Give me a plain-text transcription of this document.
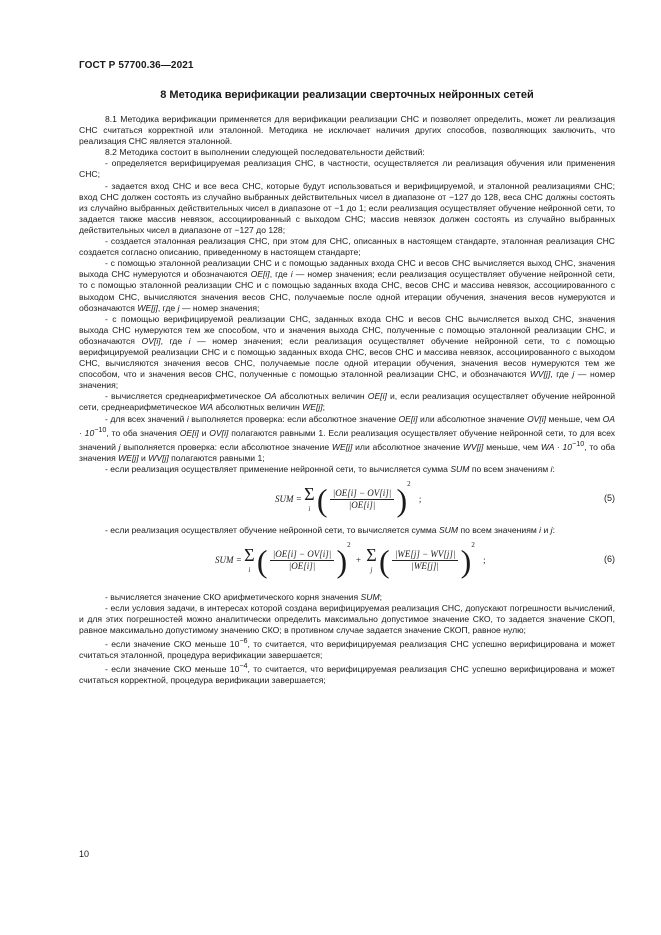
ГОСТ Р 57700.36—2021
8 Методика верификации реализации сверточных нейронных сетей

8.1 Методика верификации применяется для верификации реализации СНС и позволяет определить, может ли реализация СНС считаться корректной или эталонной. Методика не исключает наличия других способов, позволяющих заключить, что реализация СНС является эталонной.

8.2 Методика состоит в выполнении следующей последовательности действий:

- определяется верифицируемая реализация СНС, в частности, осуществляется ли реализация обучения или применения СНС;

- задается вход СНС и все веса СНС, которые будут использоваться и верифицируемой, и эталонной реализациями СНС; вход СНС должен состоять из случайно выбранных действительных чисел в диапазоне от −127 до 128, веса СНС должны состоять из случайно выбранных действительных чисел в диапазоне от −1 до 1; если реализация осуществляет обучение нейронной сети, то задается также массив невязок, ассоциированный с выходом СНС; массив невязок должен состоять из случайно выбранных действительных чисел в диапазоне от −127 до 128;

- создается эталонная реализация СНС, при этом для СНС, описанных в настоящем стандарте, эталонная реализация СНС создается согласно описанию, приведенному в настоящем стандарте;

- с помощью эталонной реализации СНС и с помощью заданных входа СНС и весов СНС вычисляется выход СНС, значения выхода СНС нумеруются и обозначаются OE[i], где i — номер значения; если реализация осуществляет обучение нейронной сети, то с помощью эталонной реализации СНС и с помощью заданных входа СНС, весов СНС и массива невязок, ассоциированного с выходом СНС, вычисляются значения весов СНС, получаемые после одной итерации обучения, значения весов нумеруются и обозначаются WE[j], где j — номер значения;

- с помощью верифицируемой реализации СНС, заданных входа СНС и весов СНС вычисляется выход СНС, значения выхода СНС нумеруются тем же способом, что и значения выхода СНС, полученные с помощью эталонной реализации СНС, и обозначаются OV[i], где i — номер значения; если реализация осуществляет обучение нейронной сети, то с помощью верифицируемой реализации СНС и с помощью заданных входа СНС, весов СНС и массива невязок, ассоциированного с выходом СНС, вычисляются значения весов СНС, получаемые после одной итерации обучения, значения весов нумеруются тем же способом, что и значения весов СНС, полученные с помощью эталонной реализации СНС, и обозначаются WV[j], где j — номер значения;

- вычисляется среднеарифметическое OA абсолютных величин OE[i] и, если реализация осуществляет обучение нейронной сети, среднеарифметическое WA абсолютных величин WE[j];

- для всех значений i выполняется проверка: если абсолютное значение OE[i] или абсолютное значение OV[i] меньше, чем OA · $10^{-10}$, то оба значения OE[i] и OV[i] полагаются равными 1. Если реализация осуществляет обучение нейронной сети, то для всех значений j выполняется проверка: если абсолютное значение WE[j] или абсолютное значение WV[j] меньше, чем WA · $10^{-10}$, то оба значения WE[j] и WV[j] полагаются равными 1;

- если реализация осуществляет применение нейронной сети, то вычисляется сумма SUM по всем значениям i:

SUM = Σ
i ( $\frac{|OE[i] - OV[i]|}{|OE[i]|} )^2$ ;	(5)

- если реализация осуществляет обучение нейронной сети, то вычисляется сумма SUM по всем значениям i и j:

SUM = Σ
i ( $\frac{|OE[i] - OV[i]|}{|OE[i]|} )^2 + \Sigma$
j ( $\frac{|WE[j] - WV[j]|}{|WE[j]|} )^2$ ;	(6)

- вычисляется значение СКО арифметического корня значения SUM;

- если условия задачи, в интересах которой создана верифицируемая реализация СНС, допускают погрешности вычислений, и для этих погрешностей можно аналитически определить максимально допустимое значение СКО, то задается значение СКОП, равное максимально допустимому значению СКО; в противном случае задается значение СКОП, равное нулю;

- если значение СКО меньше $10^{-6}$, то считается, что верифицируемая реализация СНС успешно верифицирована и может считаться эталонной, процедура верификации завершается;

- если значение СКО меньше $10^{-4}$, то считается, что верифицируемая реализация СНС успешно верифицирована и может считаться корректной, процедура верификации завершается;

10
